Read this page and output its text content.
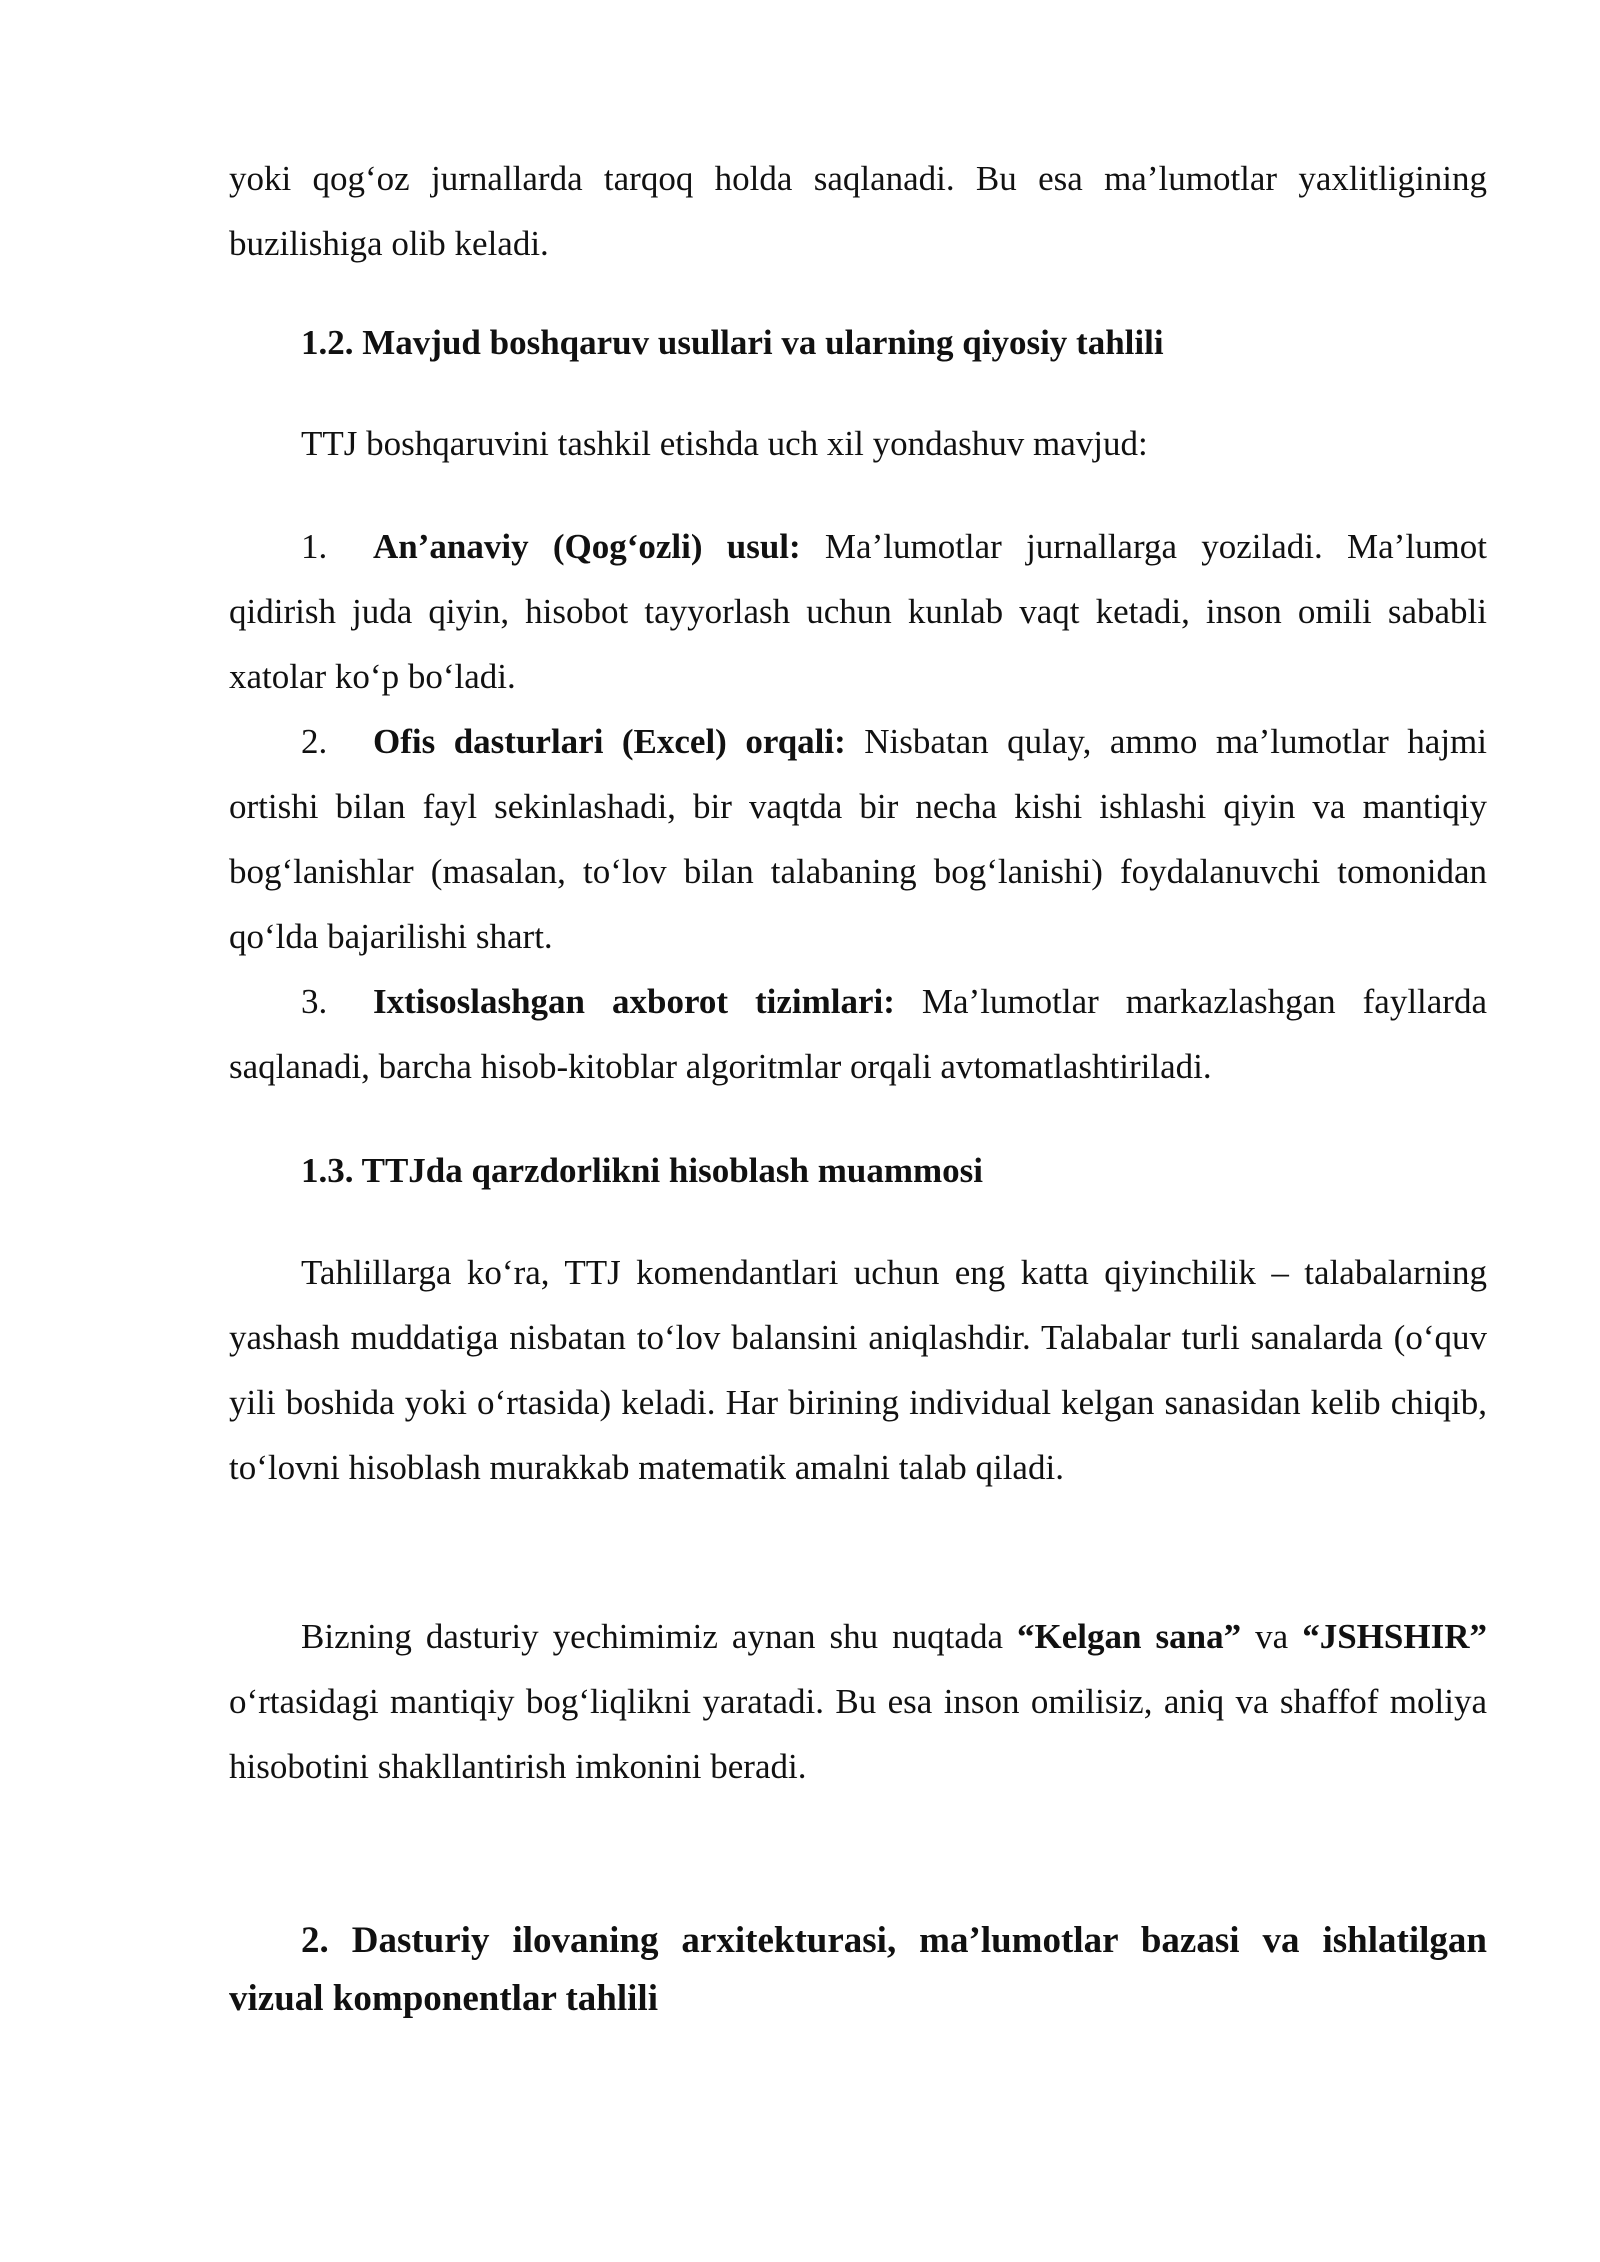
yoki qog‘oz jurnallarda tarqoq holda saqlanadi. Bu esa ma’lumotlar yaxlitligining buzilishiga olib keladi.

1.2. Mavjud boshqaruv usullari va ularning qiyosiy tahlili

TTJ boshqaruvini tashkil etishda uch xil yondashuv mavjud:

1. An’anaviy (Qog‘ozli) usul: Ma’lumotlar jurnallarga yoziladi. Ma’lumot qidirish juda qiyin, hisobot tayyorlash uchun kunlab vaqt ketadi, inson omili sababli xatolar ko‘p bo‘ladi.

2. Ofis dasturlari (Excel) orqali: Nisbatan qulay, ammo ma’lumotlar hajmi ortishi bilan fayl sekinlashadi, bir vaqtda bir necha kishi ishlashi qiyin va mantiqiy bog‘lanishlar (masalan, to‘lov bilan talabaning bog‘lanishi) foydalanuvchi tomonidan qo‘lda bajarilishi shart.

3. Ixtisoslashgan axborot tizimlari: Ma’lumotlar markazlashgan fayllarda saqlanadi, barcha hisob-kitoblar algoritmlar orqali avtomatlashtiriladi.

1.3. TTJda qarzdorlikni hisoblash muammosi

Tahlillarga ko‘ra, TTJ komendantlari uchun eng katta qiyinchilik – talabalarning yashash muddatiga nisbatan to‘lov balansini aniqlashdir. Talabalar turli sanalarda (o‘quv yili boshida yoki o‘rtasida) keladi. Har birining individual kelgan sanasidan kelib chiqib, to‘lovni hisoblash murakkab matematik amalni talab qiladi.

Bizning dasturiy yechimimiz aynan shu nuqtada “Kelgan sana” va “JSHSHIR” o‘rtasidagi mantiqiy bog‘liqlikni yaratadi. Bu esa inson omilisiz, aniq va shaffof moliya hisobotini shakllantirish imkonini beradi.

2. Dasturiy ilovaning arxitekturasi, ma’lumotlar bazasi va ishlatilgan vizual komponentlar tahlili
